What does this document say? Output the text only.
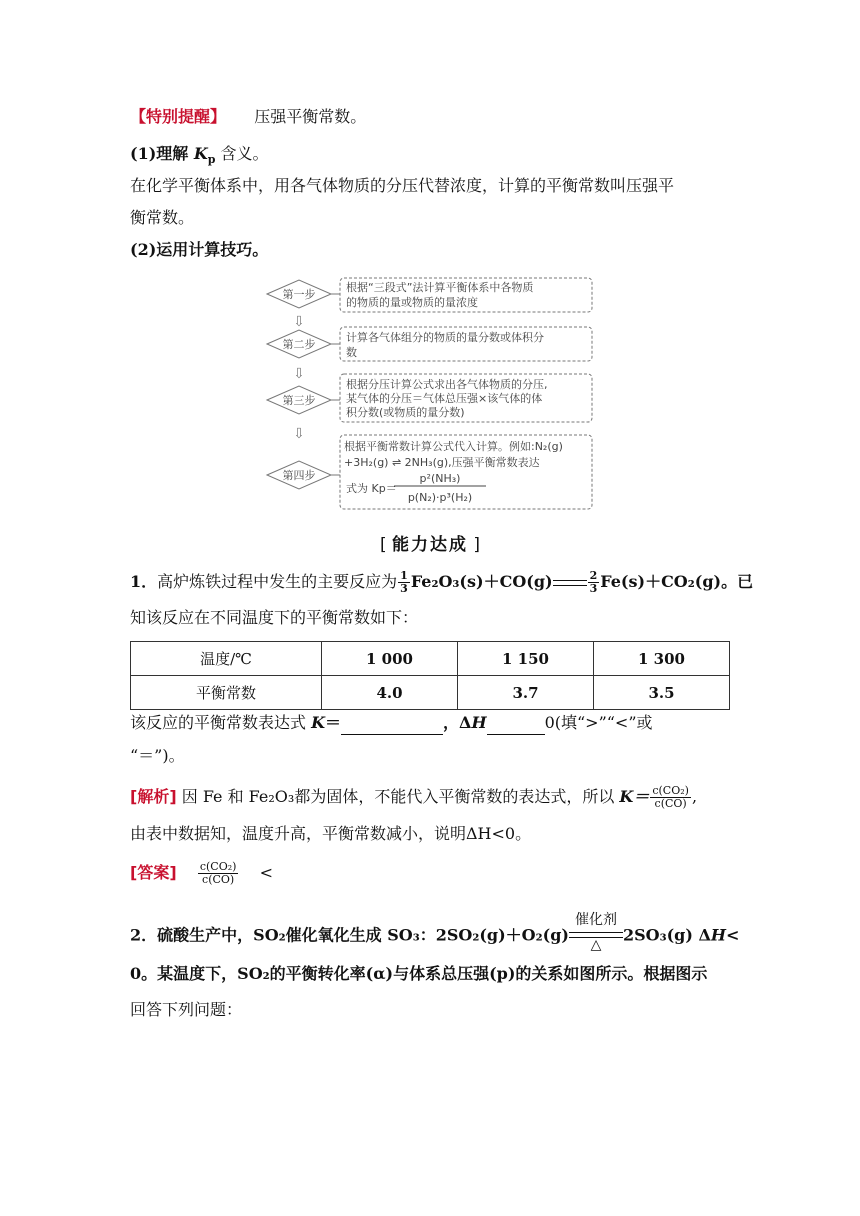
【特别提醒】 压强平衡常数。
(1)理解 $K_p$ 含义。
在化学平衡体系中，用各气体物质的分压代替浓度，计算的平衡常数叫压强平
衡常数。
(2)运用计算技巧。
第一步
⇩
第二步
⇩
第三步
⇩
第四步
根据“三段式”法计算平衡体系中各物质
的物质的量或物质的量浓度
计算各气体组分的物质的量分数或体积分
数
根据分压计算公式求出各气体物质的分压,
某气体的分压＝气体总压强×该气体的体
积分数(或物质的量分数)
根据平衡常数计算公式代入计算。例如:N₂(g)
+3H₂(g) ⇌ 2NH₃(g),压强平衡常数表达
式为 Kp＝
p²(NH₃)
p(N₂)·p³(H₂)
[ 能力达成 ]
1．高炉炼铁过程中发生的主要反应为 $\frac{1}{3} Fe_2O_3(s)+CO(g)$	$\frac{2}{3} Fe(s)+CO_2(g)$。已
知该反应在不同温度下的平衡常数如下：
温度/℃	1 000	1 150	1 300
平衡常数	4.0	3.7	3.5
该反应的平衡常数表达式 K＝	，ΔH	0(填“>”“<”或
“＝”)。
[解析] 因 Fe 和 Fe₂O₃都为固体，不能代入平衡常数的表达式，所以 $K= \frac{\text{c(CO₂)}}{c(CO)}$ ,
由表中数据知，温度升高，平衡常数减小，说明ΔH<0。
[答案] $\frac{\text{c(CO₂)}}{c(CO)}$ <
2．硫酸生产中，SO₂催化氧化生成 SO₃：2SO₂(g)＋O₂(g)
催化剂
△
2SO₃(g) ΔH<
0。某温度下，SO₂的平衡转化率(α)与体系总压强(p)的关系如图所示。根据图示
回答下列问题：
